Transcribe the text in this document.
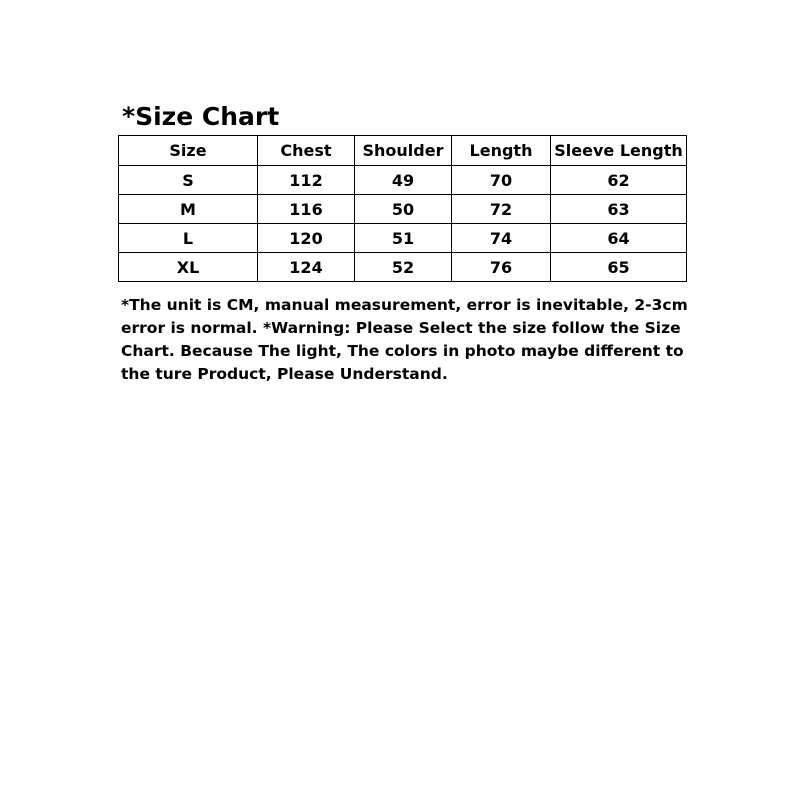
*Size Chart
Size	Chest	Shoulder	Length	Sleeve Length
S	112	49	70	62
M	116	50	72	63
L	120	51	74	64
XL	124	52	76	65
*The unit is CM, manual measurement, error is inevitable, 2-3cm error is normal. *Warning: Please Select the size follow the Size Chart. Because The light, The colors in photo maybe different to the ture Product, Please Understand.
